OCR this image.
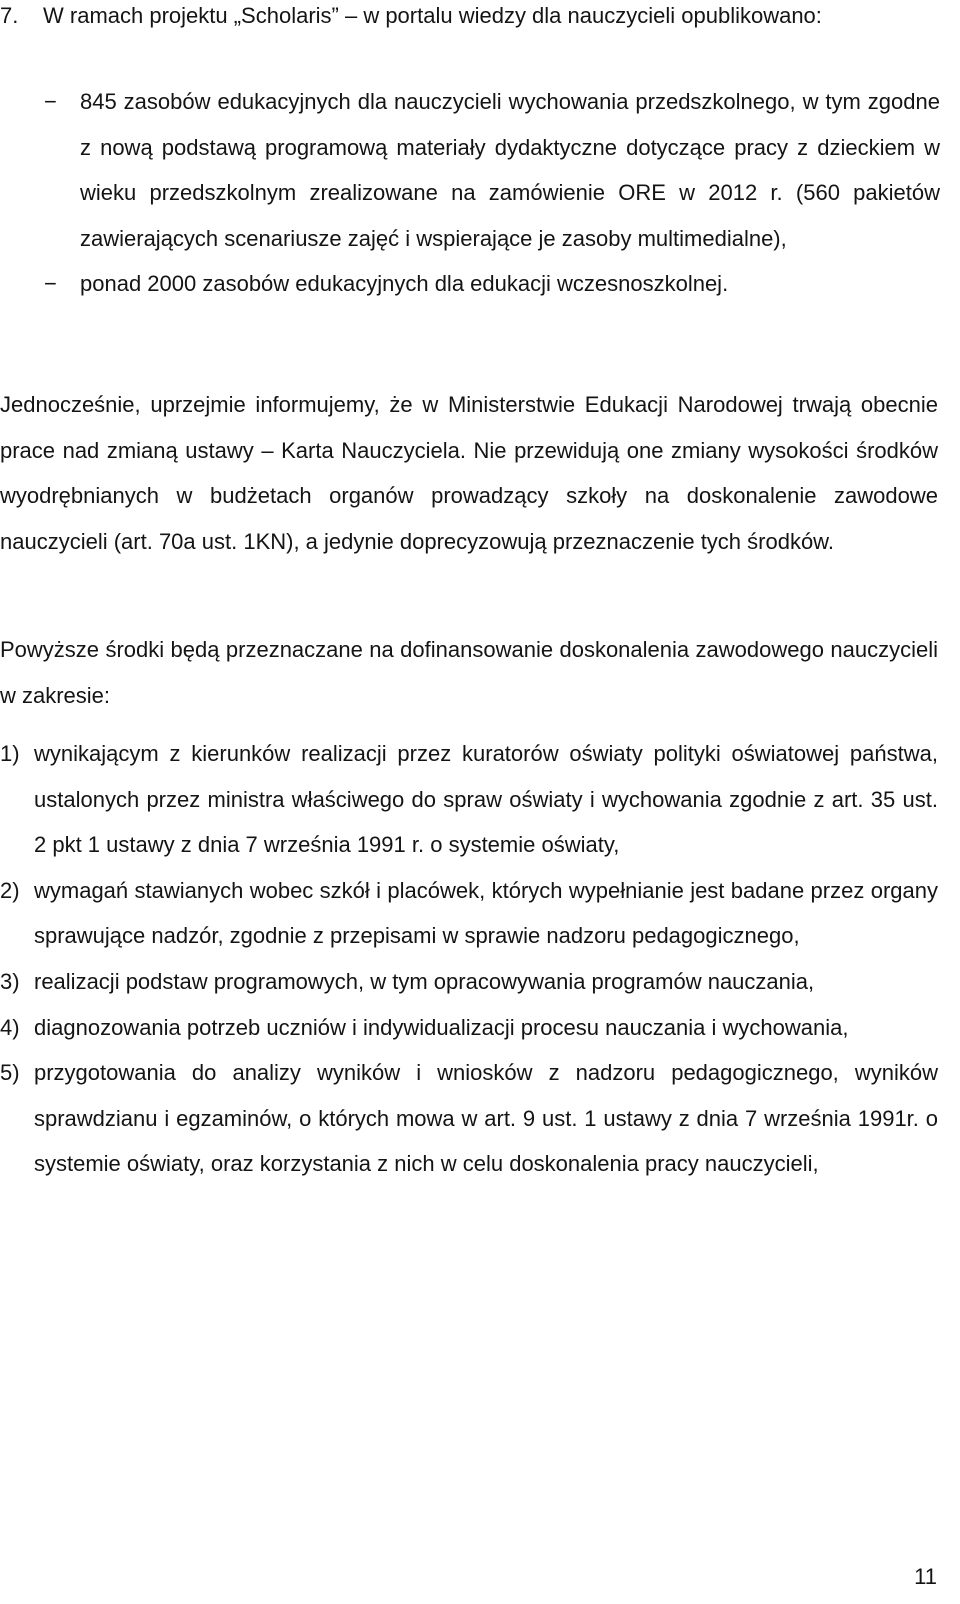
7.	W ramach projektu „Scholaris” – w portalu wiedzy dla nauczycieli opublikowano:
− 845 zasobów edukacyjnych dla nauczycieli wychowania przedszkolnego, w tym zgodne z nową podstawą programową materiały dydaktyczne dotyczące pracy z dzieckiem w wieku przedszkolnym zrealizowane na zamówienie ORE w 2012 r. (560 pakietów zawierających scenariusze zajęć i wspierające je zasoby multimedialne),
− ponad 2000 zasobów edukacyjnych dla edukacji wczesnoszkolnej.
Jednocześnie, uprzejmie informujemy, że w Ministerstwie Edukacji Narodowej trwają obecnie prace nad zmianą ustawy – Karta Nauczyciela. Nie przewidują one zmiany wysokości środków wyodrębnianych w budżetach organów prowadzący szkoły na doskonalenie zawodowe nauczycieli (art. 70a ust. 1KN), a jedynie doprecyzowują przeznaczenie tych środków.
Powyższe środki będą przeznaczane na dofinansowanie doskonalenia zawodowego nauczycieli w zakresie:
1) wynikającym z kierunków realizacji przez kuratorów oświaty polityki oświatowej państwa, ustalonych przez ministra właściwego do spraw oświaty i wychowania zgodnie z art. 35 ust. 2 pkt 1 ustawy z dnia 7 września 1991 r. o systemie oświaty,
2) wymagań stawianych wobec szkół i placówek, których wypełnianie jest badane przez organy sprawujące nadzór, zgodnie z przepisami w sprawie nadzoru pedagogicznego,
3) realizacji podstaw programowych, w tym opracowywania programów nauczania,
4) diagnozowania potrzeb uczniów i indywidualizacji procesu nauczania i wychowania,
5) przygotowania do analizy wyników i wniosków z nadzoru pedagogicznego, wyników sprawdzianu i egzaminów, o których mowa w art. 9 ust. 1 ustawy z dnia 7 września 1991r. o systemie oświaty, oraz korzystania z nich w celu doskonalenia pracy nauczycieli,
11
